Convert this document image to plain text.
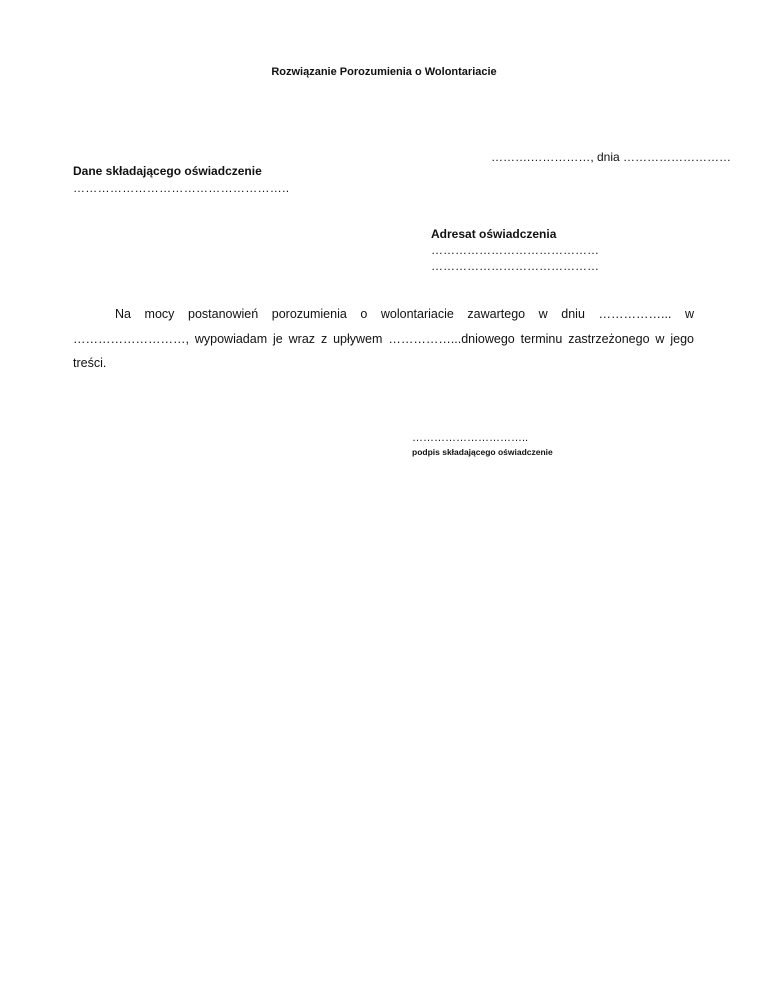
Rozwiązanie Porozumienia o Wolontariacie
……….……………, dnia ………………………
Dane składającego oświadczenie
……………………………………………..
Adresat oświadczenia
……………………………………
……………………………………
Na mocy postanowień porozumienia o wolontariacie zawartego w dniu ……………... w ………………………, wypowiadam je wraz z upływem ……………...dniowego terminu zastrzeżonego w jego treści.
…………………………..
podpis składającego oświadczenie
